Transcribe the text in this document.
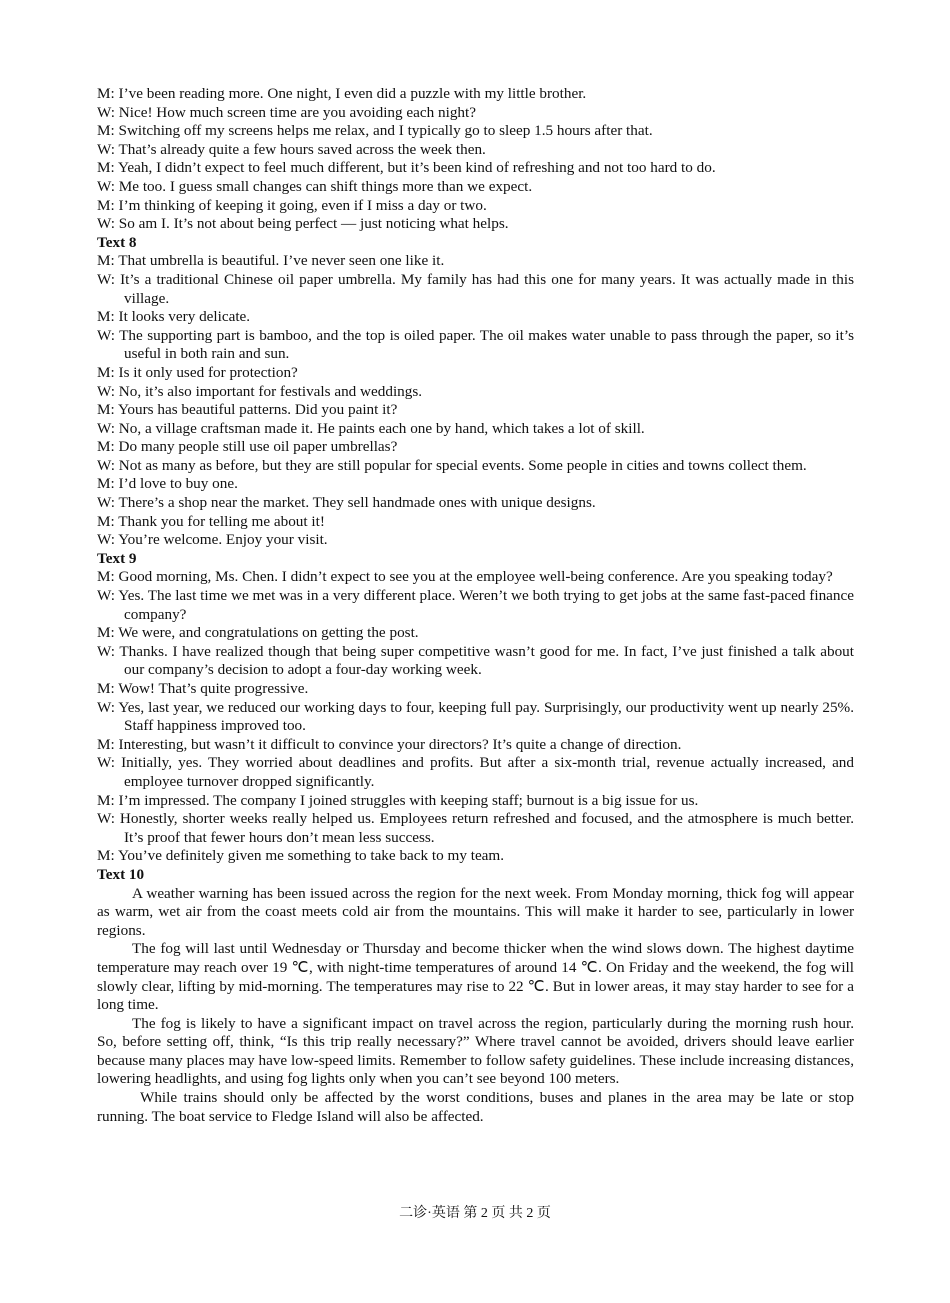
M: I’ve been reading more. One night, I even did a puzzle with my little brother.
W: Nice! How much screen time are you avoiding each night?
M: Switching off my screens helps me relax, and I typically go to sleep 1.5 hours after that.
W: That’s already quite a few hours saved across the week then.
M: Yeah, I didn’t expect to feel much different, but it’s been kind of refreshing and not too hard to do.
W: Me too. I guess small changes can shift things more than we expect.
M: I’m thinking of keeping it going, even if I miss a day or two.
W: So am I. It’s not about being perfect — just noticing what helps.
Text 8
M: That umbrella is beautiful. I’ve never seen one like it.
W: It’s a traditional Chinese oil paper umbrella. My family has had this one for many years. It was actually made in this village.
M: It looks very delicate.
W: The supporting part is bamboo, and the top is oiled paper. The oil makes water unable to pass through the paper, so it’s useful in both rain and sun.
M: Is it only used for protection?
W: No, it’s also important for festivals and weddings.
M: Yours has beautiful patterns. Did you paint it?
W: No, a village craftsman made it. He paints each one by hand, which takes a lot of skill.
M: Do many people still use oil paper umbrellas?
W: Not as many as before, but they are still popular for special events. Some people in cities and towns collect them.
M: I’d love to buy one.
W: There’s a shop near the market. They sell handmade ones with unique designs.
M: Thank you for telling me about it!
W: You’re welcome. Enjoy your visit.
Text 9
M: Good morning, Ms. Chen. I didn’t expect to see you at the employee well-being conference. Are you speaking today?
W: Yes. The last time we met was in a very different place. Weren’t we both trying to get jobs at the same fast-paced finance company?
M: We were, and congratulations on getting the post.
W: Thanks. I have realized though that being super competitive wasn’t good for me. In fact, I’ve just finished a talk about our company’s decision to adopt a four-day working week.
M: Wow! That’s quite progressive.
W: Yes, last year, we reduced our working days to four, keeping full pay. Surprisingly, our productivity went up nearly 25%. Staff happiness improved too.
M: Interesting, but wasn’t it difficult to convince your directors? It’s quite a change of direction.
W: Initially, yes. They worried about deadlines and profits. But after a six-month trial, revenue actually increased, and employee turnover dropped significantly.
M: I’m impressed. The company I joined struggles with keeping staff; burnout is a big issue for us.
W: Honestly, shorter weeks really helped us. Employees return refreshed and focused, and the atmosphere is much better. It’s proof that fewer hours don’t mean less success.
M: You’ve definitely given me something to take back to my team.
Text 10
A weather warning has been issued across the region for the next week. From Monday morning, thick fog will appear as warm, wet air from the coast meets cold air from the mountains. This will make it harder to see, particularly in lower regions.
The fog will last until Wednesday or Thursday and become thicker when the wind slows down. The highest daytime temperature may reach over 19 ℃, with night-time temperatures of around 14 ℃. On Friday and the weekend, the fog will slowly clear, lifting by mid-morning. The temperatures may rise to 22 ℃. But in lower areas, it may stay harder to see for a long time.
The fog is likely to have a significant impact on travel across the region, particularly during the morning rush hour. So, before setting off, think, “Is this trip really necessary?” Where travel cannot be avoided, drivers should leave earlier because many places may have low-speed limits. Remember to follow safety guidelines. These include increasing distances, lowering headlights, and using fog lights only when you can’t see beyond 100 meters.
While trains should only be affected by the worst conditions, buses and planes in the area may be late or stop running. The boat service to Fledge Island will also be affected.
二诊·英语 第 2 页 共 2 页
